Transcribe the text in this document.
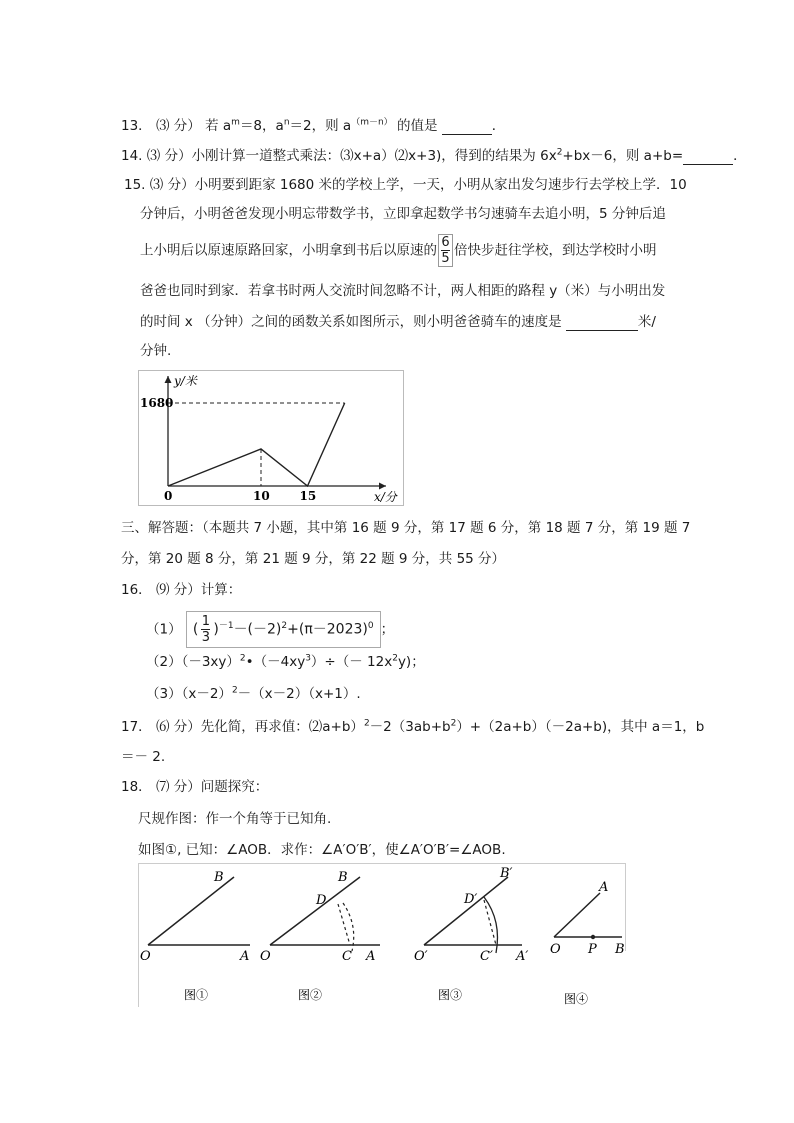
13． ⑶ 分） 若 $a^m=8$，$a^n=2$，则 $a^{(m-n)}$ 的值是	．
14. ⑶ 分）小刚计算一道整式乘法：⑶x+a）⑵x+3)，得到的结果为 $6x^2+bx-6$，则 a+b=	．
15. ⑶ 分）小明要到距家 1680 米的学校上学，一天，小明从家出发匀速步行去学校上学．10
分钟后，小明爸爸发现小明忘带数学书，立即拿起数学书匀速骑车去追小明，5 分钟后追
上小明后以原速原路回家，小明拿到书后以原速的 $\frac{6}{5}$ 倍快步赶往学校，到达学校时小明
爸爸也同时到家．若拿书时两人交流时间忽略不计，两人相距的路程 y（米）与小明出发
的时间 x （分钟）之间的函数关系如图所示，则小明爸爸骑车的速度是	米/
分钟.
0	10 15
1680
x/分
y/米
三、解答题：（本题共 7 小题，其中第 16 题 9 分，第 17 题 6 分，第 18 题 7 分，第 19 题 7
分，第 20 题 8 分，第 21 题 9 分，第 22 题 9 分，共 55 分）
16． ⑼ 分）计算：
（1） ( $\frac{1}{3} )^{-1}-(-2)^2+(\pi-2023)^0$ ；
$(2)(-3xy)^2•(-4xy^3)\div(- 12x^2y)$；
$(3)(x-2)^2-(x-2)(x+1)$.
17． ⑹ 分）先化简，再求值：$⑵a+b)^2-2(3ab+b^2)+(2a+b)(-2a+b)$，其中 a＝1，b
＝－ 2.
18． ⑺ 分）问题探究：
尺规作图：作一个角等于已知角.
如图①, 已知：∠AOB．求作：∠A′O′B′，使∠A′O′B′=∠AOB.
O	A
B
图①
O	A
C
D
B
图②
O′	A′
C′
D′
B′
图③
O P B
A
图④
